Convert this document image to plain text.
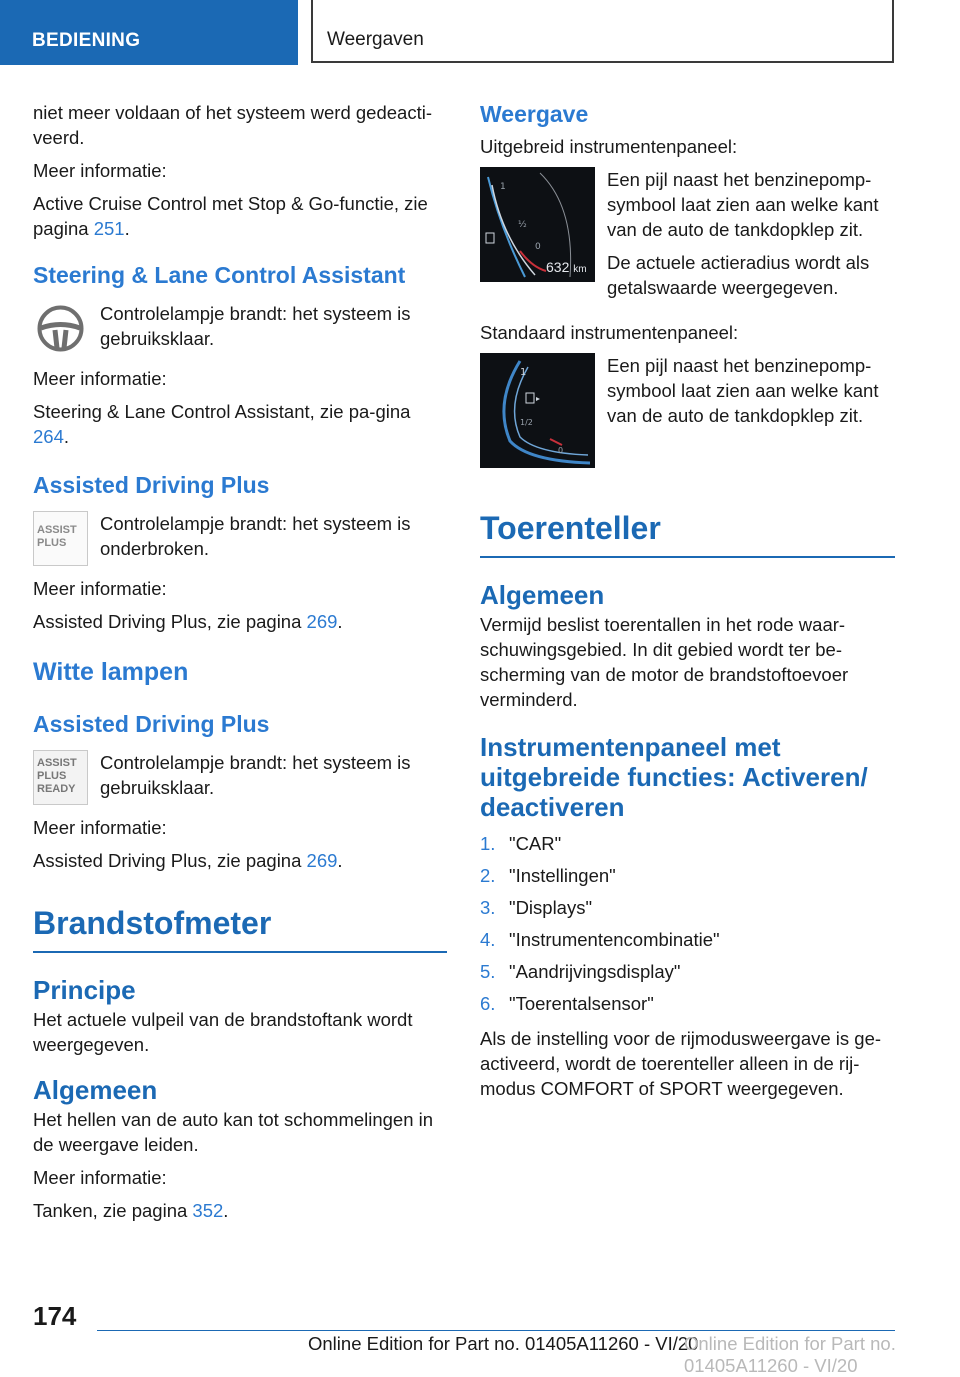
BEDIENING	Weergaven

niet meer voldaan of het systeem werd gedeacti-veerd.

Meer informatie:

Active Cruise Control met Stop & Go-functie, zie pagina 251.

Steering & Lane Control Assistant

Controlelampje brandt: het systeem is gebruiksklaar.

Meer informatie:

Steering & Lane Control Assistant, zie pa-gina 264.

Assisted Driving Plus
ASSIST PLUS

Controlelampje brandt: het systeem is onderbroken.

Meer informatie:

Assisted Driving Plus, zie pagina 269.

Witte lampen
Assisted Driving Plus
ASSIST PLUS READY

Controlelampje brandt: het systeem is gebruiksklaar.

Meer informatie:

Assisted Driving Plus, zie pagina 269.

Brandstofmeter
Principe

Het actuele vulpeil van de brandstoftank wordt weergegeven.

Algemeen

Het hellen van de auto kan tot schommelingen in de weergave leiden.

Meer informatie:

Tanken, zie pagina 352.

Weergave

Uitgebreid instrumentenpaneel:

1
½
0
632 km

Een pijl naast het benzinepomp-symbool laat zien aan welke kant van de auto de tankdopklep zit.

De actuele actieradius wordt als getalswaarde weergegeven.

Standaard instrumentenpaneel:

1
1/2
0

Een pijl naast het benzinepomp-symbool laat zien aan welke kant van de auto de tankdopklep zit.

Toerenteller
Algemeen

Vermijd beslist toerentallen in het rode waar-schuwingsgebied. In dit gebied wordt ter be-scherming van de motor de brandstoftoevoer verminderd.

Instrumentenpaneel met uitgebreide functies: Activeren/ deactiveren
1. "CAR"
2. "Instellingen"
3. "Displays"
4. "Instrumentencombinatie"
5. "Aandrijvingsdisplay"
6. "Toerentalsensor"

Als de instelling voor de rijmodusweergave is ge-activeerd, wordt de toerenteller alleen in de rij-modus COMFORT of SPORT weergegeven.

174
Online Edition for Part no. 01405A11260 - VI/20
Online Edition for Part no. 01405A11260 - VI/20
